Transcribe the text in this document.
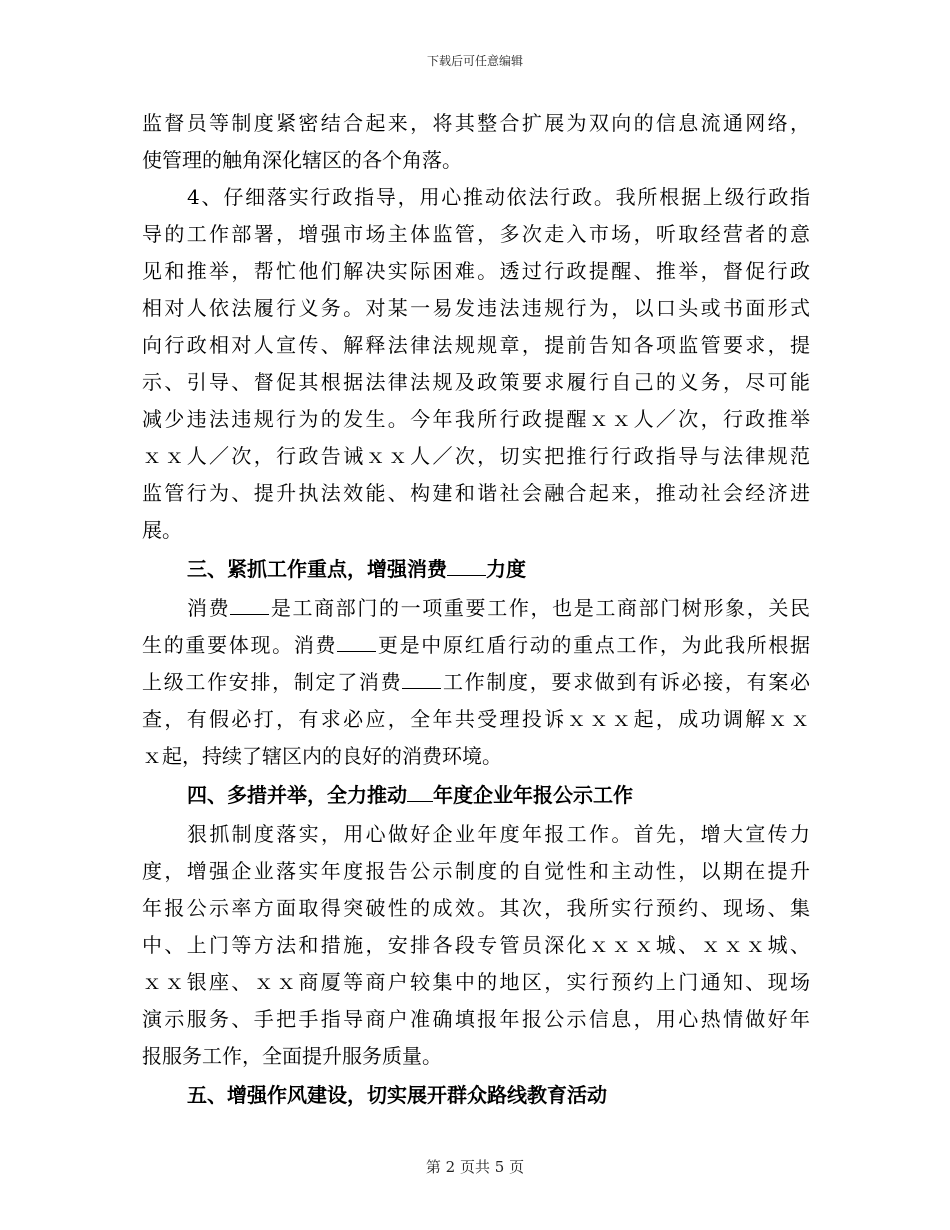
下载后可任意编辑
监督员等制度紧密结合起来，将其整合扩展为双向的信息流通网络，
使管理的触角深化辖区的各个角落。
4、仔细落实行政指导，用心推动依法行政。我所根据上级行政指
导的工作部署，增强市场主体监管，多次走入市场，听取经营者的意
见和推举，帮忙他们解决实际困难。透过行政提醒、推举，督促行政
相对人依法履行义务。对某一易发违法违规行为，以口头或书面形式
向行政相对人宣传、解释法律法规规章，提前告知各项监管要求，提
示、引导、督促其根据法律法规及政策要求履行自己的义务，尽可能
减少违法违规行为的发生。今年我所行政提醒ｘｘ人／次，行政推举
ｘｘ人／次，行政告诫ｘｘ人／次，切实把推行行政指导与法律规范
监管行为、提升执法效能、构建和谐社会融合起来，推动社会经济进
展。
三、紧抓工作重点，增强消费 力度
消费 是工商部门的一项重要工作，也是工商部门树形象，关民
生的重要体现。消费 更是中原红盾行动的重点工作，为此我所根据
上级工作安排，制定了消费 工作制度，要求做到有诉必接，有案必
查，有假必打，有求必应，全年共受理投诉ｘｘｘ起，成功调解ｘｘ
ｘ起，持续了辖区内的良好的消费环境。
四、多措并举，全力推动 年度企业年报公示工作
狠抓制度落实，用心做好企业年度年报工作。首先，增大宣传力
度，增强企业落实年度报告公示制度的自觉性和主动性，以期在提升
年报公示率方面取得突破性的成效。其次，我所实行预约、现场、集
中、上门等方法和措施，安排各段专管员深化ｘｘｘ城、ｘｘｘ城、
ｘｘ银座、ｘｘ商厦等商户较集中的地区，实行预约上门通知、现场
演示服务、手把手指导商户准确填报年报公示信息，用心热情做好年
报服务工作，全面提升服务质量。
五、增强作风建设，切实展开群众路线教育活动
第 2 页共 5 页
